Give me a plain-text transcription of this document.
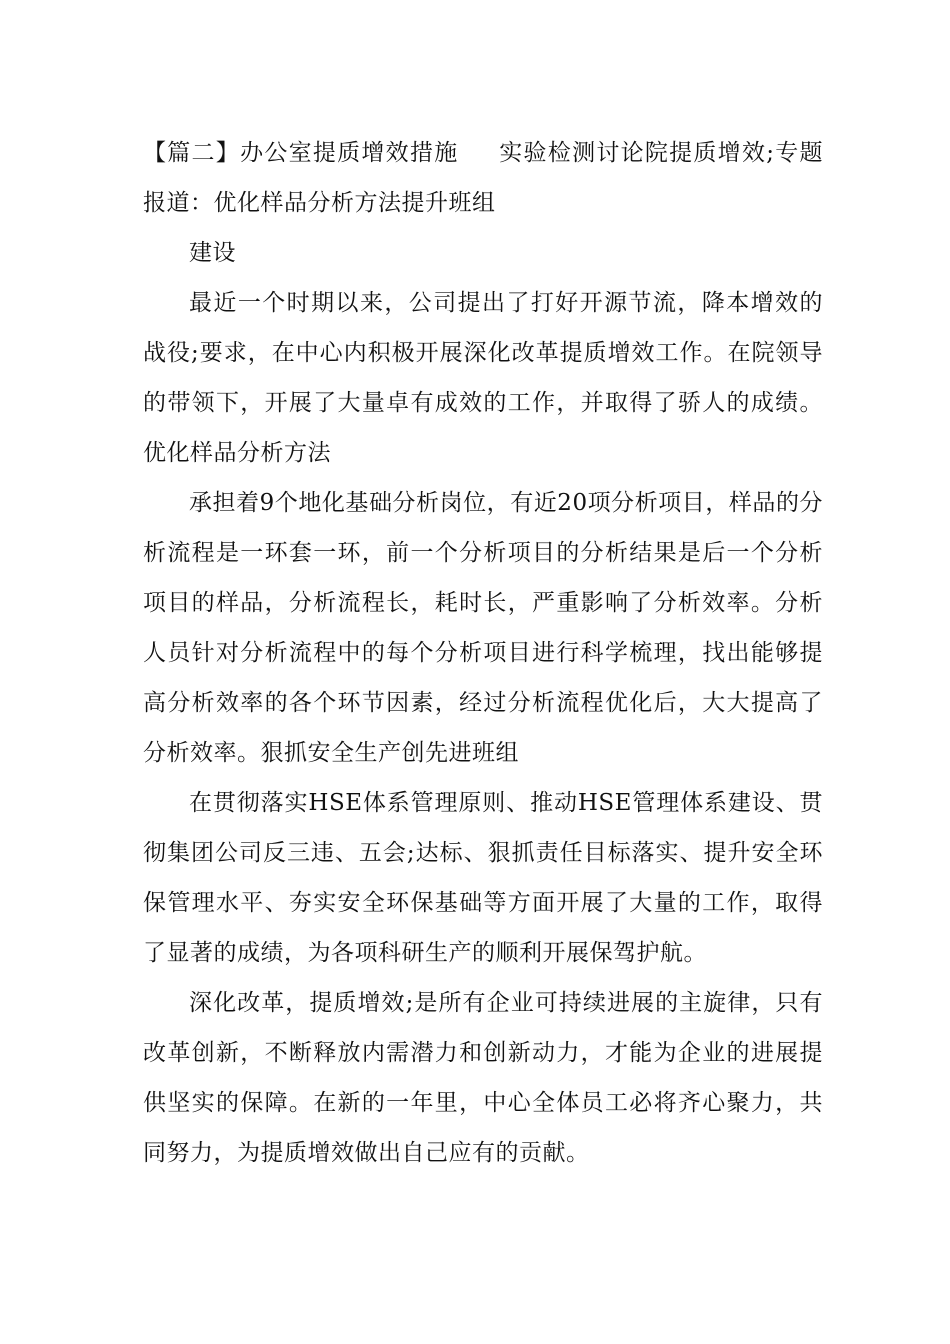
【篇二】办公室提质增效措施 实验检测讨论院提质增效;专题报道：优化样品分析方法提升班组

建设

最近一个时期以来，公司提出了打好开源节流，降本增效的战役;要求，在中心内积极开展深化改革提质增效工作。在院领导的带领下，开展了大量卓有成效的工作，并取得了骄人的成绩。优化样品分析方法

承担着9个地化基础分析岗位，有近20项分析项目，样品的分析流程是一环套一环，前一个分析项目的分析结果是后一个分析项目的样品，分析流程长，耗时长，严重影响了分析效率。分析人员针对分析流程中的每个分析项目进行科学梳理，找出能够提高分析效率的各个环节因素，经过分析流程优化后，大大提高了分析效率。狠抓安全生产创先进班组

在贯彻落实HSE体系管理原则、推动HSE管理体系建设、贯彻集团公司反三违、五会;达标、狠抓责任目标落实、提升安全环保管理水平、夯实安全环保基础等方面开展了大量的工作，取得了显著的成绩，为各项科研生产的顺利开展保驾护航。

深化改革，提质增效;是所有企业可持续进展的主旋律，只有改革创新，不断释放内需潜力和创新动力，才能为企业的进展提供坚实的保障。在新的一年里，中心全体员工必将齐心聚力，共同努力，为提质增效做出自己应有的贡献。
